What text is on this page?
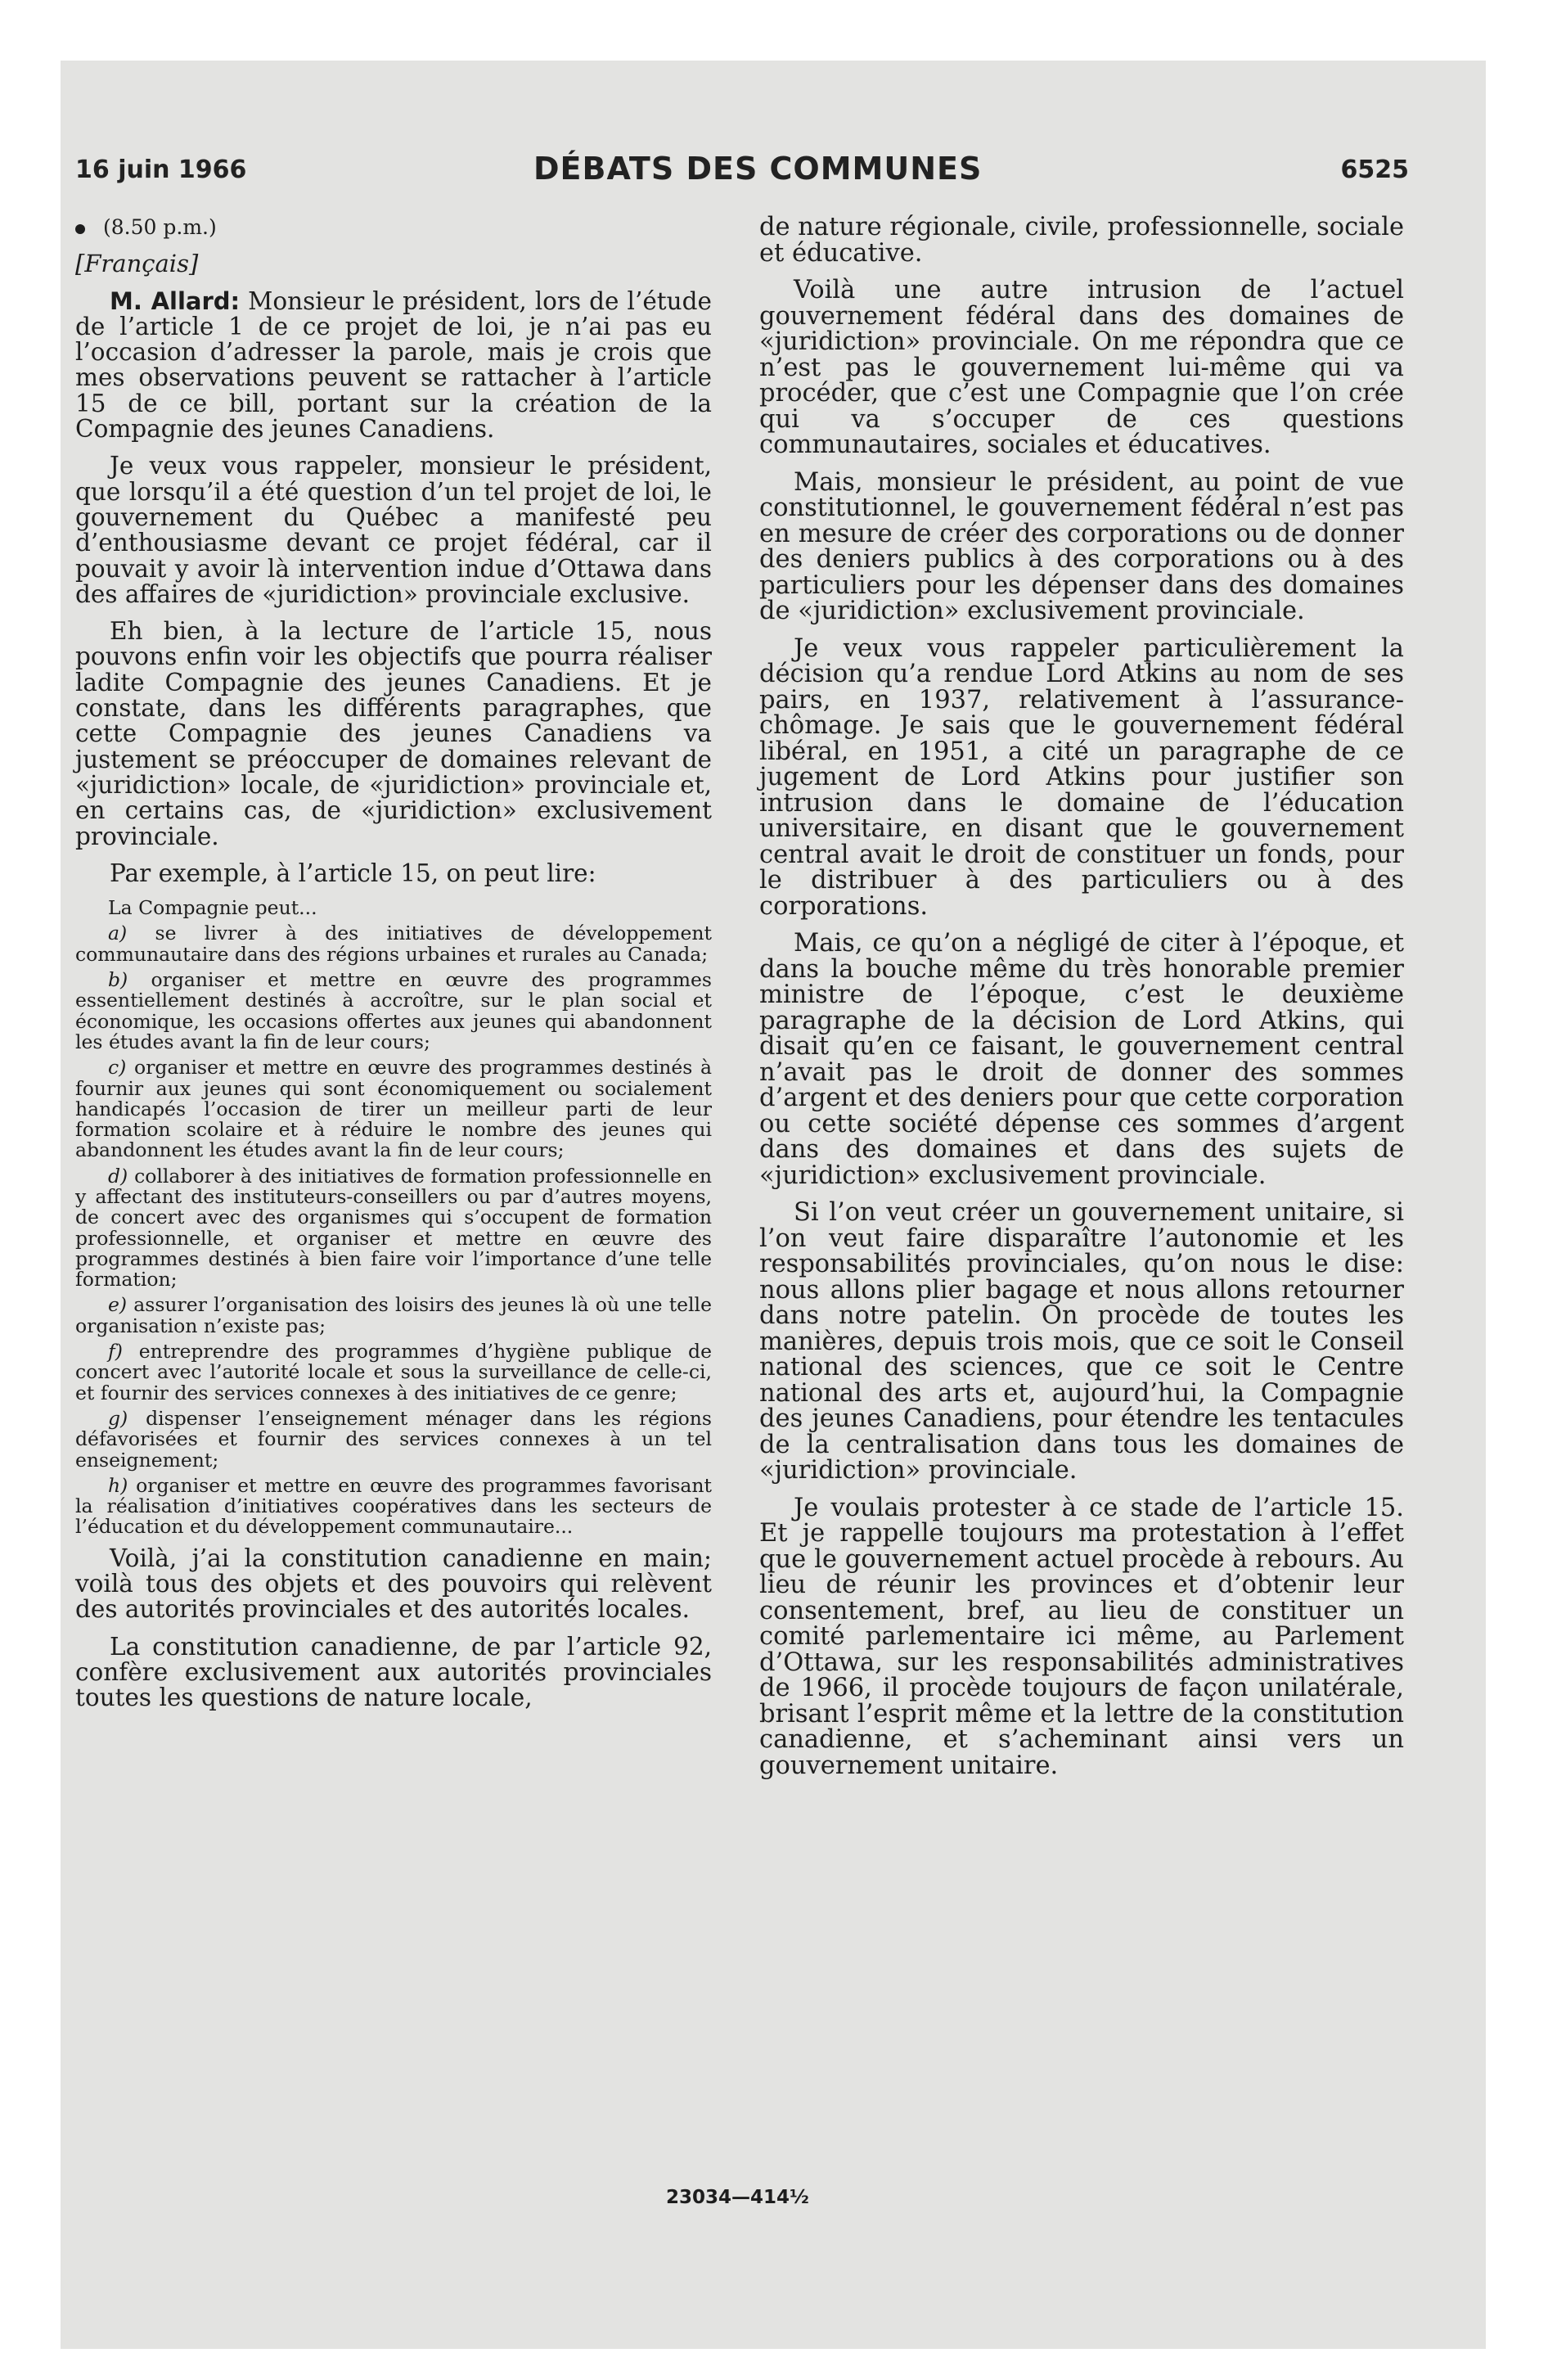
16 juin 1966	DÉBATS DES COMMUNES	6525
(8.50 p.m.)
[Français]

M. Allard: Monsieur le président, lors de l’étude de l’article 1 de ce projet de loi, je n’ai pas eu l’occasion d’adresser la parole, mais je crois que mes observations peuvent se rattacher à l’article 15 de ce bill, portant sur la création de la Compagnie des jeunes Canadiens.

Je veux vous rappeler, monsieur le président, que lorsqu’il a été question d’un tel projet de loi, le gouvernement du Québec a manifesté peu d’enthousiasme devant ce projet fédéral, car il pouvait y avoir là intervention indue d’Ottawa dans des affaires de «juridiction» provinciale exclusive.

Eh bien, à la lecture de l’article 15, nous pouvons enfin voir les objectifs que pourra réaliser ladite Compagnie des jeunes Canadiens. Et je constate, dans les différents paragraphes, que cette Compagnie des jeunes Canadiens va justement se préoccuper de domaines relevant de «juridiction» locale, de «juridiction» provinciale et, en certains cas, de «juridiction» exclusivement provinciale.

Par exemple, à l’article 15, on peut lire:

La Compagnie peut...
a) se livrer à des initiatives de développement communautaire dans des régions urbaines et rurales au Canada;
b) organiser et mettre en œuvre des programmes essentiellement destinés à accroître, sur le plan social et économique, les occasions offertes aux jeunes qui abandonnent les études avant la fin de leur cours;
c) organiser et mettre en œuvre des programmes destinés à fournir aux jeunes qui sont économiquement ou socialement handicapés l’occasion de tirer un meilleur parti de leur formation scolaire et à réduire le nombre des jeunes qui abandonnent les études avant la fin de leur cours;
d) collaborer à des initiatives de formation professionnelle en y affectant des instituteurs-conseillers ou par d’autres moyens, de concert avec des organismes qui s’occupent de formation professionnelle, et organiser et mettre en œuvre des programmes destinés à bien faire voir l’importance d’une telle formation;
e) assurer l’organisation des loisirs des jeunes là où une telle organisation n’existe pas;
f) entreprendre des programmes d’hygiène publique de concert avec l’autorité locale et sous la surveillance de celle-ci, et fournir des services connexes à des initiatives de ce genre;
g) dispenser l’enseignement ménager dans les régions défavorisées et fournir des services connexes à un tel enseignement;
h) organiser et mettre en œuvre des programmes favorisant la réalisation d’initiatives coopératives dans les secteurs de l’éducation et du développement communautaire...

Voilà, j’ai la constitution canadienne en main; voilà tous des objets et des pouvoirs qui relèvent des autorités provinciales et des autorités locales.

La constitution canadienne, de par l’article 92, confère exclusivement aux autorités provinciales toutes les questions de nature locale,

de nature régionale, civile, professionnelle, sociale et éducative.

Voilà une autre intrusion de l’actuel gouvernement fédéral dans des domaines de «juridiction» provinciale. On me répondra que ce n’est pas le gouvernement lui-même qui va procéder, que c’est une Compagnie que l’on crée qui va s’occuper de ces questions communautaires, sociales et éducatives.

Mais, monsieur le président, au point de vue constitutionnel, le gouvernement fédéral n’est pas en mesure de créer des corporations ou de donner des deniers publics à des corporations ou à des particuliers pour les dépenser dans des domaines de «juridiction» exclusivement provinciale.

Je veux vous rappeler particulièrement la décision qu’a rendue Lord Atkins au nom de ses pairs, en 1937, relativement à l’assurance-chômage. Je sais que le gouvernement fédéral libéral, en 1951, a cité un paragraphe de ce jugement de Lord Atkins pour justifier son intrusion dans le domaine de l’éducation universitaire, en disant que le gouvernement central avait le droit de constituer un fonds, pour le distribuer à des particuliers ou à des corporations.

Mais, ce qu’on a négligé de citer à l’époque, et dans la bouche même du très honorable premier ministre de l’époque, c’est le deuxième paragraphe de la décision de Lord Atkins, qui disait qu’en ce faisant, le gouvernement central n’avait pas le droit de donner des sommes d’argent et des deniers pour que cette corporation ou cette société dépense ces sommes d’argent dans des domaines et dans des sujets de «juridiction» exclusivement provinciale.

Si l’on veut créer un gouvernement unitaire, si l’on veut faire disparaître l’autonomie et les responsabilités provinciales, qu’on nous le dise: nous allons plier bagage et nous allons retourner dans notre patelin. On procède de toutes les manières, depuis trois mois, que ce soit le Conseil national des sciences, que ce soit le Centre national des arts et, aujourd’hui, la Compagnie des jeunes Canadiens, pour étendre les tentacules de la centralisation dans tous les domaines de «juridiction» provinciale.

Je voulais protester à ce stade de l’article 15. Et je rappelle toujours ma protestation à l’effet que le gouvernement actuel procède à rebours. Au lieu de réunir les provinces et d’obtenir leur consentement, bref, au lieu de constituer un comité parlementaire ici même, au Parlement d’Ottawa, sur les responsabilités administratives de 1966, il procède toujours de façon unilatérale, brisant l’esprit même et la lettre de la constitution canadienne, et s’acheminant ainsi vers un gouvernement unitaire.

23034—414½
